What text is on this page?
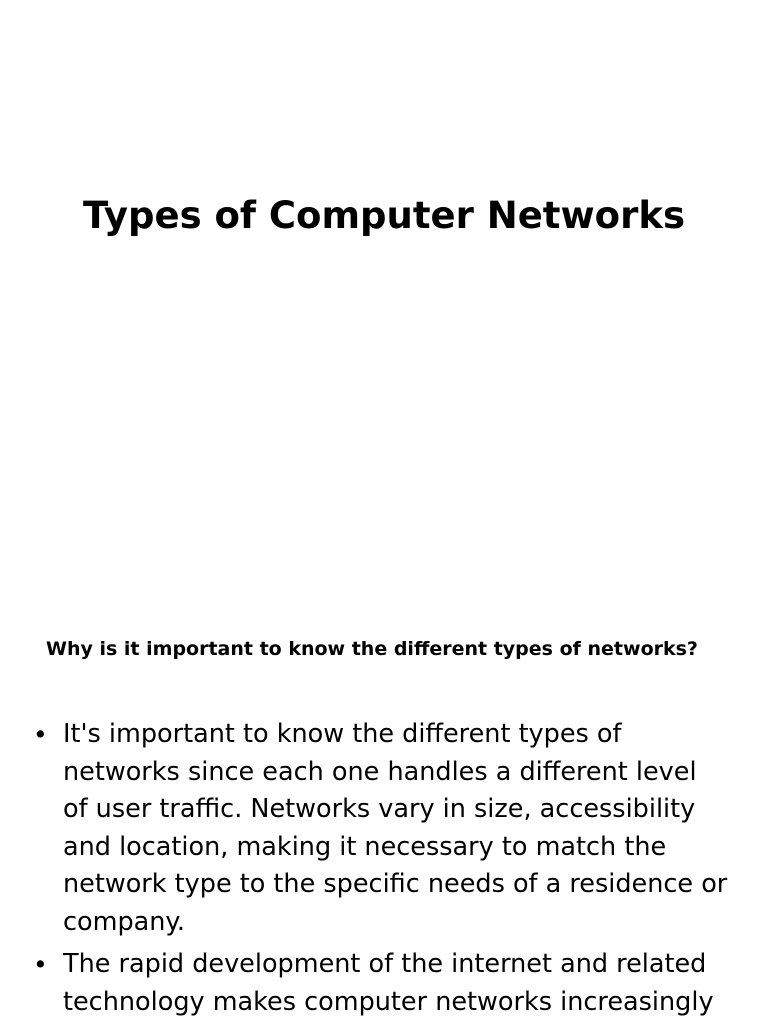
Types of Computer Networks
Why is it important to know the different types of networks?
• It's important to know the different types of networks since each one handles a different level of user traffic. Networks vary in size, accessibility and location, making it necessary to match the network type to the specific needs of a residence or company.
• The rapid development of the internet and related technology makes computer networks increasingly
